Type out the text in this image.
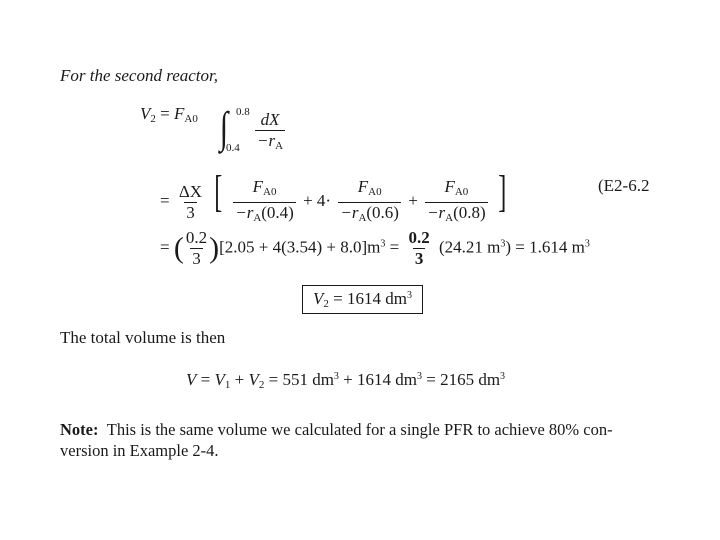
For the second reactor,
$V_2 = F_{A0}$ ∫ 0.8
$0.4 \frac{dX}{-r_A}$
= $\frac{\Delta X}{3}$ [ $\frac{F_{A0}}{-r_A(0.4)} + 4\cdot \frac{F_{A0}}{-r_A(0.6)} + \frac{F_{A0}}{-r_A(0.8)}$ ]	(E2-6.2
= ( $\frac{0.2}{3} )[2.05 + 4(3.54) + 8.0]m^3 = \frac{0.2}{3} (24.21$ $m^3) = 1.614$ $m^3$
$V_2 = 1614$ $dm^3$
The total volume is then
$V = V_1 + V_2 = 551$ $dm^3 + 1614$ $dm^3 = 2165$ $dm^3$
Note: This is the same volume we calculated for a single PFR to achieve 80% con-
version in Example 2-4.
